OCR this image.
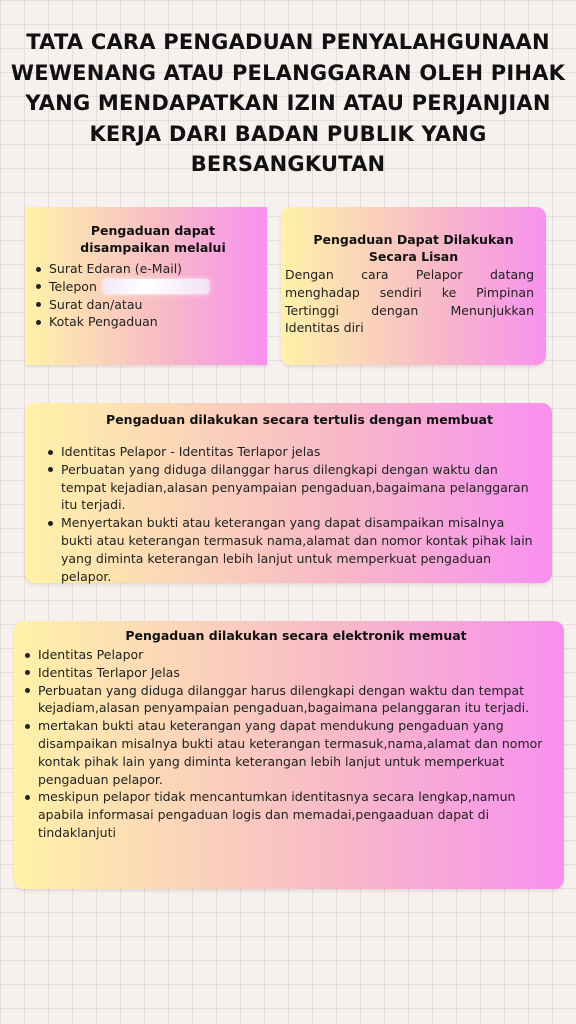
TATA CARA PENGADUAN PENYALAHGUNAAN WEWENANG ATAU PELANGGARAN OLEH PIHAK YANG MENDAPATKAN IZIN ATAU PERJANJIAN KERJA DARI BADAN PUBLIK YANG BERSANGKUTAN
Pengaduan dapat disampaikan melalui
Surat Edaran (e-Mail)
Telepon
Surat dan/atau
Kotak Pengaduan
Pengaduan Dapat Dilakukan Secara Lisan

Dengan cara Pelapor datang menghadap sendiri ke Pimpinan Tertinggi dengan Menunjukkan Identitas diri

Pengaduan dilakukan secara tertulis dengan membuat
Identitas Pelapor - Identitas Terlapor jelas
Perbuatan yang diduga dilanggar harus dilengkapi dengan waktu dan tempat kejadian,alasan penyampaian pengaduan,bagaimana pelanggaran itu terjadi.
Menyertakan bukti atau keterangan yang dapat disampaikan misalnya bukti atau keterangan termasuk nama,alamat dan nomor kontak pihak lain yang diminta keterangan lebih lanjut untuk memperkuat pengaduan pelapor.
Pengaduan dilakukan secara elektronik memuat
Identitas Pelapor
Identitas Terlapor Jelas
Perbuatan yang diduga dilanggar harus dilengkapi dengan waktu dan tempat kejadiam,alasan penyampaian pengaduan,bagaimana pelanggaran itu terjadi.
mertakan bukti atau keterangan yang dapat mendukung pengaduan yang disampaikan misalnya bukti atau keterangan termasuk,nama,alamat dan nomor kontak pihak lain yang diminta keterangan lebih lanjut untuk memperkuat pengaduan pelapor.
meskipun pelapor tidak mencantumkan identitasnya secara lengkap,namun apabila informasai pengaduan logis dan memadai,pengaaduan dapat di tindaklanjuti
